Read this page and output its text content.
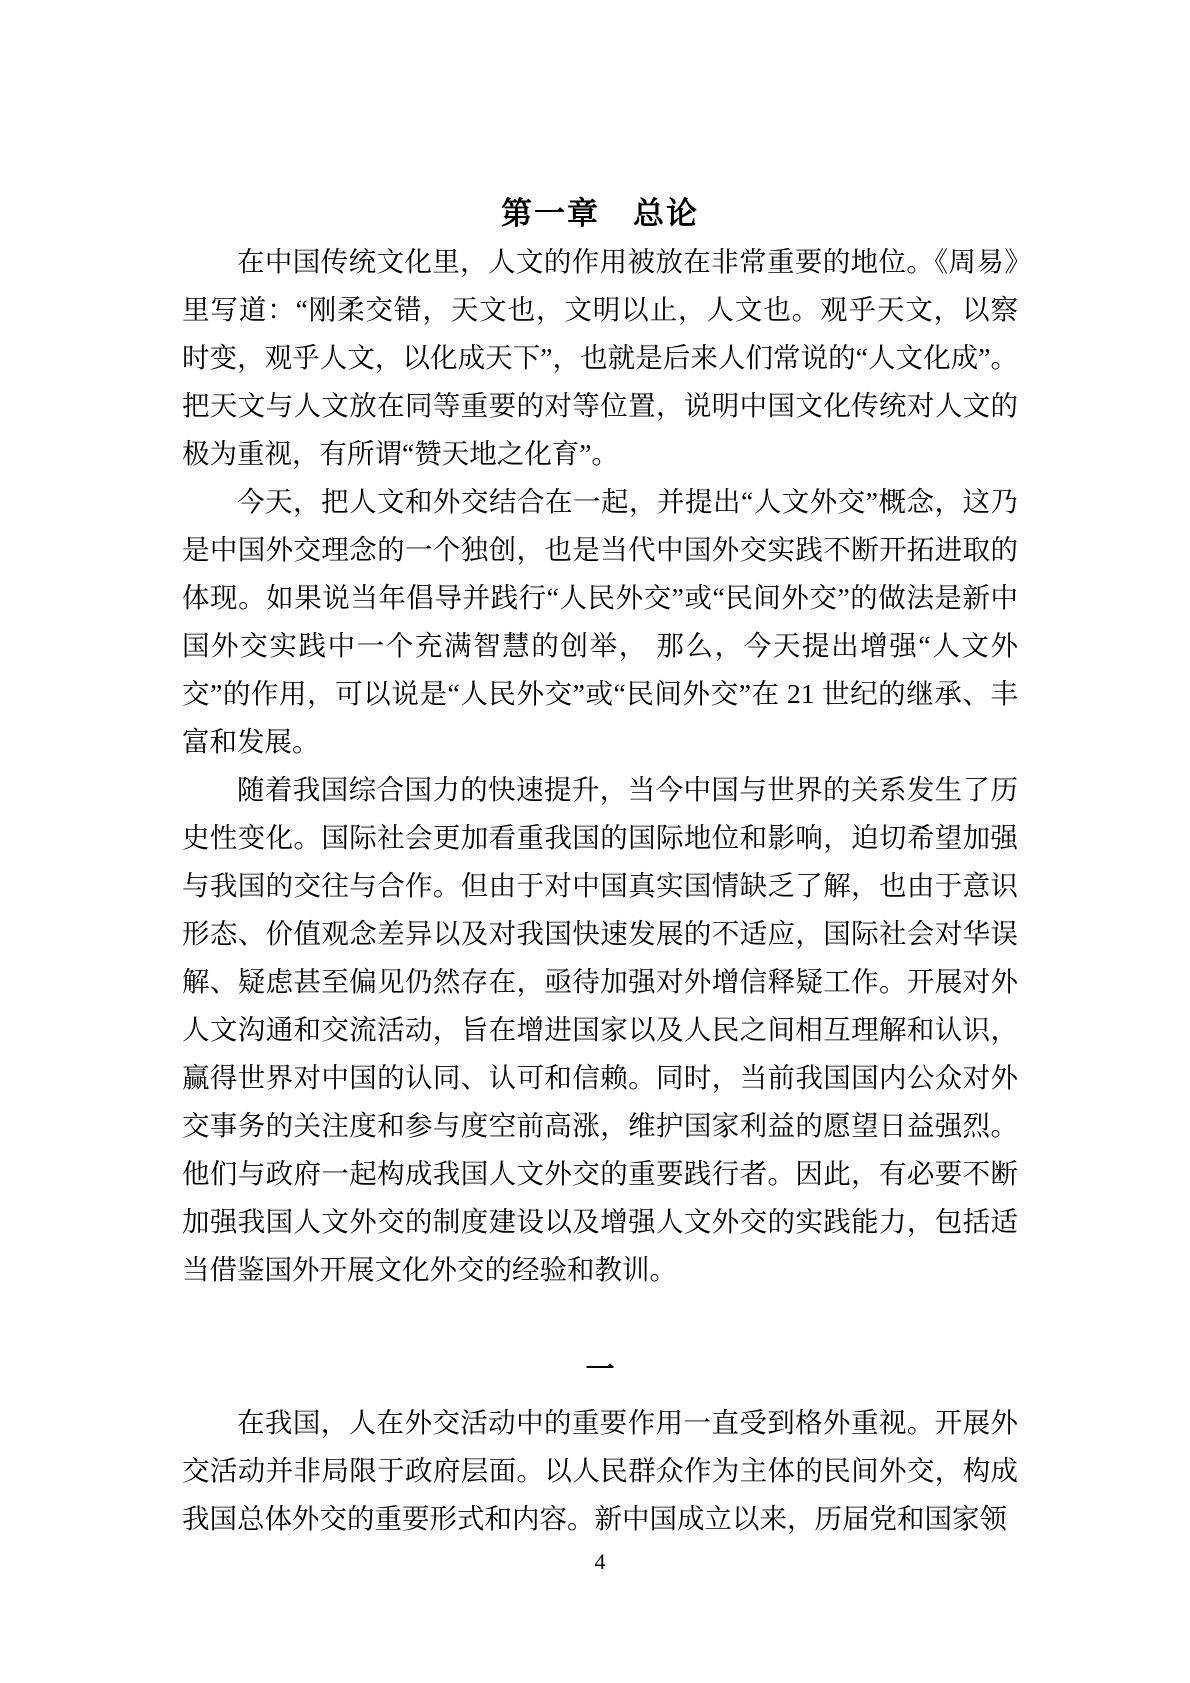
第一章　总论

在中国传统文化里，人文的作用被放在非常重要的地位。《周易》里写道：“刚柔交错，天文也，文明以止，人文也。观乎天文，以察时变，观乎人文，以化成天下”，也就是后来人们常说的“人文化成”。把天文与人文放在同等重要的对等位置，说明中国文化传统对人文的极为重视，有所谓“赞天地之化育”。

今天，把人文和外交结合在一起，并提出“人文外交”概念，这乃是中国外交理念的一个独创，也是当代中国外交实践不断开拓进取的体现。如果说当年倡导并践行“人民外交”或“民间外交”的做法是新中国外交实践中一个充满智慧的创举， 那么，今天提出增强“人文外交”的作用，可以说是“人民外交”或“民间外交”在 21 世纪的继承、丰富和发展。

随着我国综合国力的快速提升，当今中国与世界的关系发生了历史性变化。国际社会更加看重我国的国际地位和影响，迫切希望加强与我国的交往与合作。但由于对中国真实国情缺乏了解，也由于意识形态、价值观念差异以及对我国快速发展的不适应，国际社会对华误解、疑虑甚至偏见仍然存在，亟待加强对外增信释疑工作。开展对外人文沟通和交流活动，旨在增进国家以及人民之间相互理解和认识，赢得世界对中国的认同、认可和信赖。同时，当前我国国内公众对外交事务的关注度和参与度空前高涨，维护国家利益的愿望日益强烈。他们与政府一起构成我国人文外交的重要践行者。因此，有必要不断加强我国人文外交的制度建设以及增强人文外交的实践能力，包括适当借鉴国外开展文化外交的经验和教训。

一

在我国，人在外交活动中的重要作用一直受到格外重视。开展外交活动并非局限于政府层面。以人民群众作为主体的民间外交，构成我国总体外交的重要形式和内容。新中国成立以来，历届党和国家领

4
